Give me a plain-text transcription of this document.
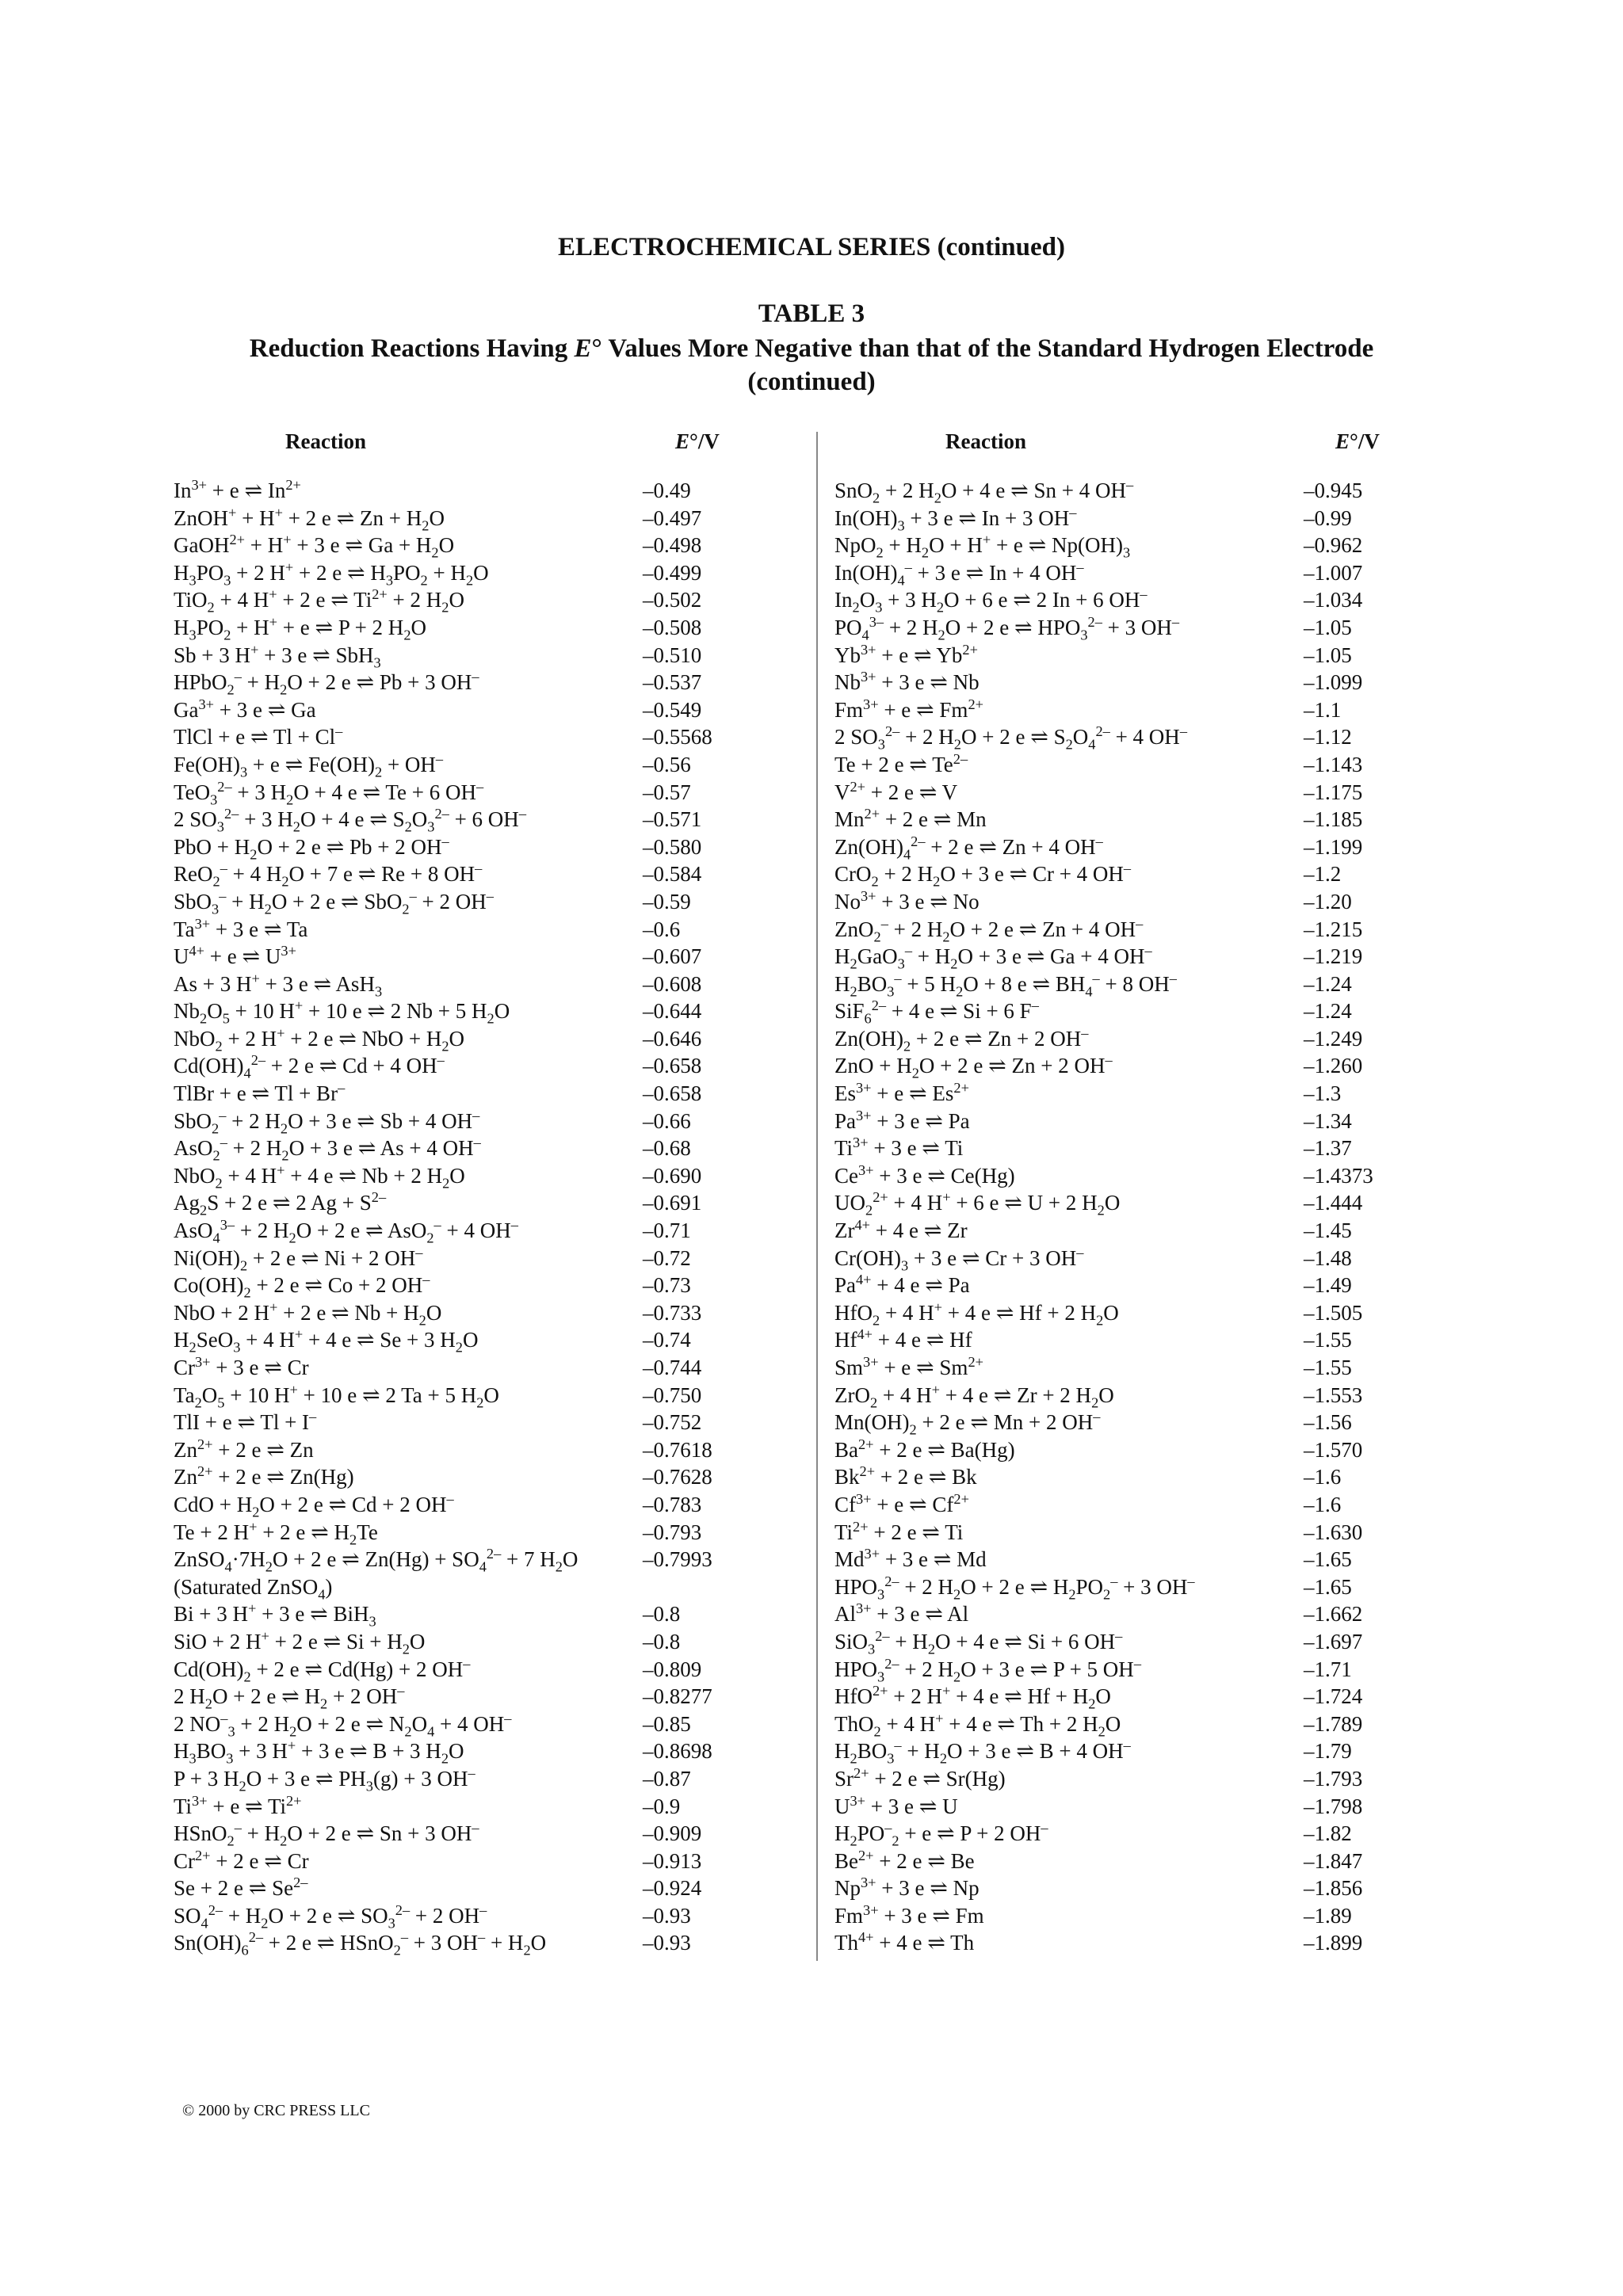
ELECTROCHEMICAL SERIES (continued)
TABLE 3
Reduction Reactions Having E° Values More Negative than that of the Standard Hydrogen Electrode
(continued)
Reaction	E°/V	Reaction	E°/V
$In^{3+} + e$ ⇌ $In^{2+}$	–0.49
ZnOH+ + H+ + 2 e ⇌ $Zn + H_2O$	–0.497
GaOH$^{2+}$ + H+ + 3 e ⇌ $Ga + H_2O$	–0.498
$H_3PO_3 + 2$ H+ + 2 e ⇌ $H_3PO_2 + H_2O$	–0.499
TiO$_2$ + 4 H+ + 2 e ⇌ $Ti^{2+} + 2$ $H_2O$	–0.502
$H_3PO_2 + H^+ + e$ ⇌ P + 2 $H_2O$	–0.508
Sb + 3 H+ + 3 e ⇌ SbH$_3$	–0.510
HPbO$_2$– + $H_2O + 2$ e ⇌ Pb + 3 OH–	–0.537
$Ga^{3+} + 3$ e ⇌ Ga	–0.549
TlCl + e ⇌ Tl + Cl–	–0.5568
$Fe(OH)_3 + e$ ⇌ $Fe(OH)_2 + OH^-$	–0.56
TeO$_3^{2-}$ + 3 $H_2O + 4$ e ⇌ Te + 6 OH–	–0.57
2 $SO_3^{2-} + 3$ $H_2O + 4$ e ⇌ $S_2O_3^{2-} + 6$ OH–	–0.571
PbO + $H_2O + 2$ e ⇌ Pb + 2 OH–	–0.580
ReO$_2$– + 4 $H_2O + 7$ e ⇌ Re + 8 OH–	–0.584
$SbO_3^- + H_2O + 2$ e ⇌ SbO$_2$– + 2 OH–	–0.59
$Ta^{3+} + 3$ e ⇌ Ta	–0.6
$U^{4+} + e$ ⇌ $U^{3+}$	–0.607
As + 3 H+ + 3 e ⇌ AsH$_3$	–0.608
$Nb_2O_5 + 10$ H+ + 10 e ⇌ 2 Nb + 5 $H_2O$	–0.644
NbO$_2$ + 2 H+ + 2 e ⇌ NbO + $H_2O$	–0.646
$Cd(OH)_4^{2-} + 2$ e ⇌ Cd + 4 OH–	–0.658
TlBr + e ⇌ Tl + Br–	–0.658
SbO$_2$– + 2 $H_2O + 3$ e ⇌ Sb + 4 OH–	–0.66
AsO$_2$– + 2 $H_2O + 3$ e ⇌ As + 4 OH–	–0.68
NbO$_2$ + 4 H+ + 4 e ⇌ Nb + 2 $H_2O$	–0.690
$Ag_2S + 2$ e ⇌ 2 $Ag + S^{2-}$	–0.691
AsO$_4^{3-}$ + 2 $H_2O + 2$ e ⇌ AsO$_2$– + 4 OH–	–0.71
$Ni(OH)_2 + 2$ e ⇌ Ni + 2 OH–	–0.72
$Co(OH)_2 + 2$ e ⇌ Co + 2 OH–	–0.73
NbO + 2 H+ + 2 e ⇌ $Nb + H_2O$	–0.733
$H_2SeO_3 + 4$ H+ + 4 e ⇌ Se + 3 $H_2O$	–0.74
$Cr^{3+} + 3$ e ⇌ Cr	–0.744
$Ta_2O_5 + 10$ H+ + 10 e ⇌ 2 Ta + 5 $H_2O$	–0.750
TlI + e ⇌ Tl + I–	–0.752
$Zn^{2+} + 2$ e ⇌ Zn	–0.7618
$Zn^{2+} + 2$ e ⇌ Zn(Hg)	–0.7628
CdO + $H_2O + 2$ e ⇌ Cd + 2 OH–	–0.783
Te + 2 H+ + 2 e ⇌ $H_2Te$	–0.793
$ZnSO_4\cdot 7H_2O + 2$ e ⇌ $Zn(Hg) + SO_4^{2-} + 7$ $H_2O$	–0.7993
(Saturated ZnSO$_4$)
Bi + 3 H+ + 3 e ⇌ BiH$_3$	–0.8
SiO + 2 H+ + 2 e ⇌ $Si + H_2O$	–0.8
$Cd(OH)_2 + 2$ e ⇌ Cd(Hg) + 2 OH–	–0.809
2 $H_2O + 2$ e ⇌ $H_2 + 2$ OH–	–0.8277
2 $NO^-_3 + 2$ $H_2O + 2$ e ⇌ $N_2O_4 + 4$ OH–	–0.85
$H_3BO_3 + 3$ H+ + 3 e ⇌ B + 3 $H_2O$	–0.8698
P + 3 $H_2O + 3$ e ⇌ $PH_3(g) + 3$ OH–	–0.87
$Ti^{3+} + e$ ⇌ $Ti^{2+}$	–0.9
HSnO$_2$– + $H_2O + 2$ e ⇌ Sn + 3 OH–	–0.909
$Cr^{2+} + 2$ e ⇌ Cr	–0.913
Se + 2 e ⇌ $Se^{2-}$	–0.924
$SO_4^{2-} + H_2O + 2$ e ⇌ $SO_3^{2-} + 2$ OH–	–0.93
$Sn(OH)_6^{2-} + 2$ e ⇌ HSnO$_2$– + 3 $OH^- + H_2O$	–0.93
SnO$_2$ + 2 $H_2O + 4$ e ⇌ Sn + 4 OH–	–0.945
$In(OH)_3 + 3$ e ⇌ In + 3 OH–	–0.99
$NpO_2 + H_2O + H^+ + e$ ⇌ $Np(OH)_3$	–0.962
$In(OH)_4^- + 3$ e ⇌ In + 4 OH–	–1.007
$In_2O_3 + 3$ $H_2O + 6$ e ⇌ 2 In + 6 OH–	–1.034
$PO_4^{3-} + 2$ $H_2O + 2$ e ⇌ $HPO_3^{2-} + 3$ OH–	–1.05
$Yb^{3+} + e$ ⇌ $Yb^{2+}$	–1.05
$Nb^{3+} + 3$ e ⇌ Nb	–1.099
$Fm^{3+} + e$ ⇌ $Fm^{2+}$	–1.1
2 $SO_3^{2-} + 2$ $H_2O + 2$ e ⇌ $S_2O_4^{2-} + 4$ OH–	–1.12
Te + 2 e ⇌ $Te^{2-}$	–1.143
$V^{2+} + 2$ e ⇌ V	–1.175
$Mn^{2+} + 2$ e ⇌ Mn	–1.185
$Zn(OH)_4^{2-} + 2$ e ⇌ Zn + 4 OH–	–1.199
CrO$_2$ + 2 $H_2O + 3$ e ⇌ Cr + 4 OH–	–1.2
$No^{3+} + 3$ e ⇌ No	–1.20
ZnO$_2$– + 2 $H_2O + 2$ e ⇌ Zn + 4 OH–	–1.215
$H_2GaO_3^- + H_2O + 3$ e ⇌ Ga + 4 OH–	–1.219
$H_2BO_3^- + 5$ $H_2O + 8$ e ⇌ $BH_4^- + 8$ OH–	–1.24
SiF$_6^{2-}$ + 4 e ⇌ Si + 6 F–	–1.24
$Zn(OH)_2 + 2$ e ⇌ Zn + 2 OH–	–1.249
ZnO + $H_2O + 2$ e ⇌ Zn + 2 OH–	–1.260
$Es^{3+} + e$ ⇌ $Es^{2+}$	–1.3
$Pa^{3+} + 3$ e ⇌ Pa	–1.34
$Ti^{3+} + 3$ e ⇌ Ti	–1.37
$Ce^{3+} + 3$ e ⇌ Ce(Hg)	–1.4373
$UO_2^{2+} + 4$ H+ + 6 e ⇌ U + 2 $H_2O$	–1.444
$Zr^{4+} + 4$ e ⇌ Zr	–1.45
$Cr(OH)_3 + 3$ e ⇌ Cr + 3 OH–	–1.48
$Pa^{4+} + 4$ e ⇌ Pa	–1.49
HfO$_2$ + 4 H+ + 4 e ⇌ Hf + 2 $H_2O$	–1.505
$Hf^{4+} + 4$ e ⇌ Hf	–1.55
$Sm^{3+} + e$ ⇌ $Sm^{2+}$	–1.55
ZrO$_2$ + 4 H+ + 4 e ⇌ Zr + 2 $H_2O$	–1.553
$Mn(OH)_2 + 2$ e ⇌ Mn + 2 OH–	–1.56
$Ba^{2+} + 2$ e ⇌ Ba(Hg)	–1.570
$Bk^{2+} + 2$ e ⇌ Bk	–1.6
$Cf^{3+} + e$ ⇌ $Cf^{2+}$	–1.6
$Ti^{2+} + 2$ e ⇌ Ti	–1.630
$Md^{3+} + 3$ e ⇌ Md	–1.65
$HPO_3^{2-} + 2$ $H_2O + 2$ e ⇌ $H_2PO_2^- + 3$ OH–	–1.65
$Al^{3+} + 3$ e ⇌ Al	–1.662
$SiO_3^{2-} + H_2O + 4$ e ⇌ Si + 6 OH–	–1.697
$HPO_3^{2-} + 2$ $H_2O + 3$ e ⇌ P + 5 OH–	–1.71
HfO$^{2+}$ + 2 H+ + 4 e ⇌ $Hf + H_2O$	–1.724
ThO$_2$ + 4 H+ + 4 e ⇌ Th + 2 $H_2O$	–1.789
$H_2BO_3^- + H_2O + 3$ e ⇌ B + 4 OH–	–1.79
$Sr^{2+} + 2$ e ⇌ Sr(Hg)	–1.793
$U^{3+} + 3$ e ⇌ U	–1.798
$H_2PO^-_2 + e$ ⇌ P + 2 OH–	–1.82
$Be^{2+} + 2$ e ⇌ Be	–1.847
$Np^{3+} + 3$ e ⇌ Np	–1.856
$Fm^{3+} + 3$ e ⇌ Fm	–1.89
$Th^{4+} + 4$ e ⇌ Th	–1.899
© 2000 by CRC PRESS LLC
